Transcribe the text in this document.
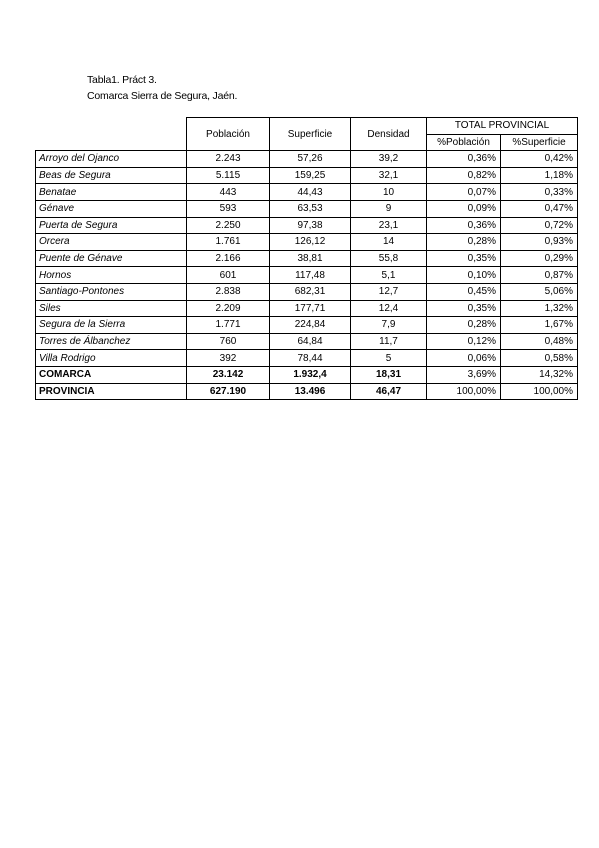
Tabla1. Práct 3.
Comarca Sierra de Segura, Jaén.
	Población	Superficie	Densidad	TOTAL PROVINCIAL	
				%Población	%Superficie
Arroyo del Ojanco	2.243	57,26	39,2	0,36%	0,42%
Beas de Segura	5.115	159,25	32,1	0,82%	1,18%
Benatae	443	44,43	10	0,07%	0,33%
Génave	593	63,53	9	0,09%	0,47%
Puerta de Segura	2.250	97,38	23,1	0,36%	0,72%
Orcera	1.761	126,12	14	0,28%	0,93%
Puente de Génave	2.166	38,81	55,8	0,35%	0,29%
Hornos	601	117,48	5,1	0,10%	0,87%
Santiago-Pontones	2.838	682,31	12,7	0,45%	5,06%
Siles	2.209	177,71	12,4	0,35%	1,32%
Segura de la Sierra	1.771	224,84	7,9	0,28%	1,67%
Torres de Álbanchez	760	64,84	11,7	0,12%	0,48%
Villa Rodrigo	392	78,44	5	0,06%	0,58%
COMARCA	23.142	1.932,4	18,31	3,69%	14,32%
PROVINCIA	627.190	13.496	46,47	100,00%	100,00%
